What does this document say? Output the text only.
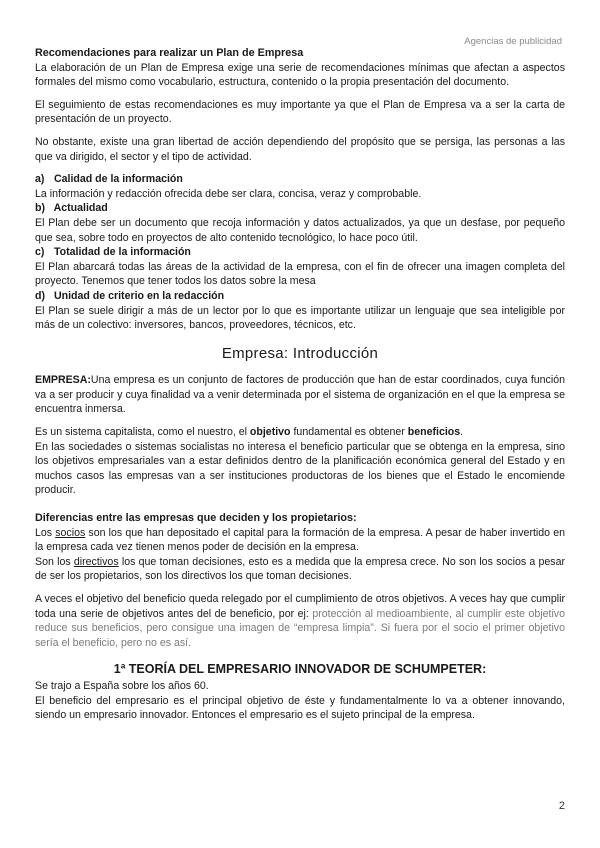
Agencias de publicidad

Recomendaciones para realizar un Plan de Empresa

La elaboración de un Plan de Empresa exige una serie de recomendaciones mínimas que afectan a aspectos formales del mismo como vocabulario, estructura, contenido o la propia presentación del documento.

El seguimiento de estas recomendaciones es muy importante ya que el Plan de Empresa va a ser la carta de presentación de un proyecto.

No obstante, existe una gran libertad de acción dependiendo del propósito que se persiga, las personas a las que va dirigido, el sector y el tipo de actividad.

a) Calidad de la información

La información y redacción ofrecida debe ser clara, concisa, veraz y comprobable.

b) Actualidad

El Plan debe ser un documento que recoja información y datos actualizados, ya que un desfase, por pequeño que sea, sobre todo en proyectos de alto contenido tecnológico, lo hace poco útil.

c) Totalidad de la información

El Plan abarcará todas las áreas de la actividad de la empresa, con el fin de ofrecer una imagen completa del proyecto. Tenemos que tener todos los datos sobre la mesa

d) Unidad de criterio en la redacción

El Plan se suele dirigir a más de un lector por lo que es importante utilizar un lenguaje que sea inteligible por más de un colectivo: inversores, bancos, proveedores, técnicos, etc.

Empresa: Introducción

EMPRESA:Una empresa es un conjunto de factores de producción que han de estar coordinados, cuya función va a ser producir y cuya finalidad va a venir determinada por el sistema de organización en el que la empresa se encuentra inmersa.

Es un sistema capitalista, como el nuestro, el objetivo fundamental es obtener beneficios.

En las sociedades o sistemas socialistas no interesa el beneficio particular que se obtenga en la empresa, sino los objetivos empresariales van a estar definidos dentro de la planificación económica general del Estado y en muchos casos las empresas van a ser instituciones productoras de los bienes que el Estado le encomiende producir.

Diferencias entre las empresas que deciden y los propietarios:

Los socios son los que han depositado el capital para la formación de la empresa. A pesar de haber invertido en la empresa cada vez tienen menos poder de decisión en la empresa.

Son los directivos los que toman decisiones, esto es a medida que la empresa crece. No son los socios a pesar de ser los propietarios, son los directivos los que toman decisiones.

A veces el objetivo del beneficio queda relegado por el cumplimiento de otros objetivos. A veces hay que cumplir toda una serie de objetivos antes del de beneficio, por ej: protección al medioambiente, al cumplir este objetivo reduce sus beneficios, pero consigue una imagen de “empresa limpia”. Si fuera por el socio el primer objetivo sería el beneficio, pero no es así.

1ª TEORÍA DEL EMPRESARIO INNOVADOR DE SCHUMPETER:

Se trajo a España sobre los años 60.

El beneficio del empresario es el principal objetivo de éste y fundamentalmente lo va a obtener innovando, siendo un empresario innovador. Entonces el empresario es el sujeto principal de la empresa.

2
